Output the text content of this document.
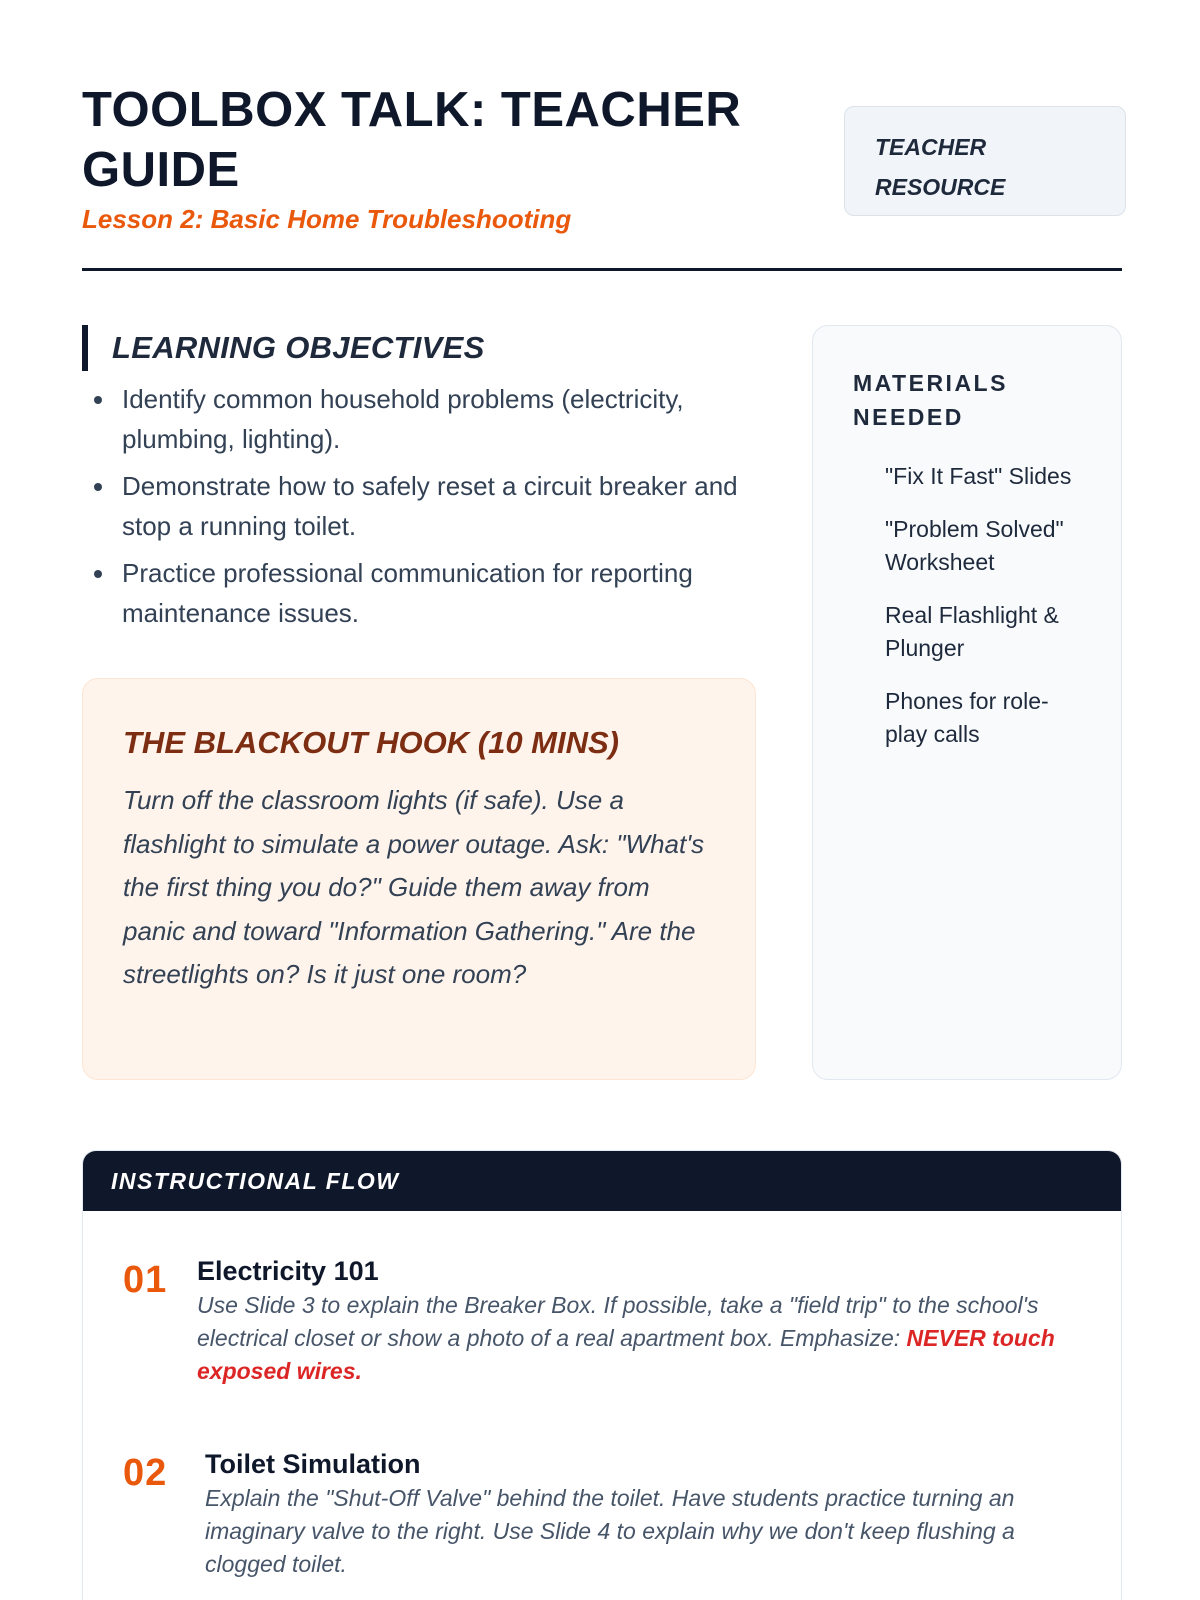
TOOLBOX TALK: TEACHER GUIDE
Lesson 2: Basic Home Troubleshooting
TEACHER RESOURCE
LEARNING OBJECTIVES
Identify common household problems (electricity, plumbing, lighting).
Demonstrate how to safely reset a circuit breaker and stop a running toilet.
Practice professional communication for reporting maintenance issues.
THE BLACKOUT HOOK (10 MINS)

Turn off the classroom lights (if safe). Use a flashlight to simulate a power outage. Ask: "What's the first thing you do?" Guide them away from panic and toward "Information Gathering." Are the streetlights on? Is it just one room?

MATERIALS NEEDED
"Fix It Fast" Slides
"Problem Solved" Worksheet
Real Flashlight & Plunger
Phones for role-play calls
INSTRUCTIONAL FLOW
01 Electricity 101

Use Slide 3 to explain the Breaker Box. If possible, take a "field trip" to the school's electrical closet or show a photo of a real apartment box. Emphasize: NEVER touch exposed wires.

02 Toilet Simulation

Explain the "Shut-Off Valve" behind the toilet. Have students practice turning an imaginary valve to the right. Use Slide 4 to explain why we don't keep flushing a clogged toilet.
